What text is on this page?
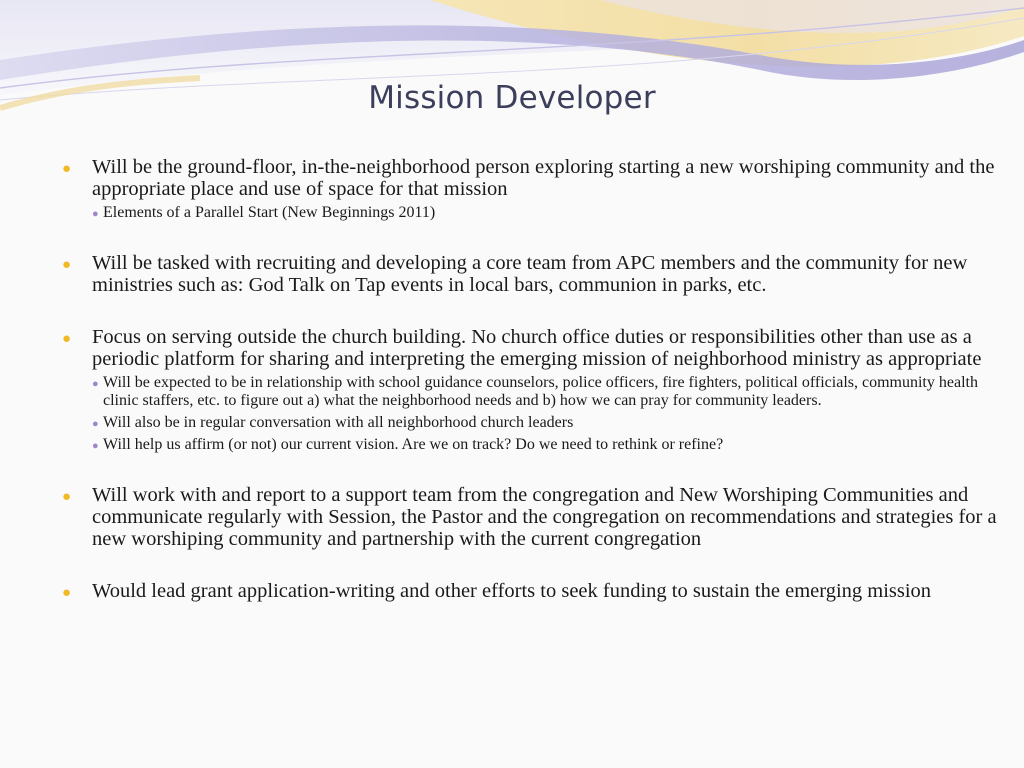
Mission Developer
● Will be the ground-floor, in-the-neighborhood person exploring starting a new worshiping community and the appropriate place and use of space for that mission
● Elements of a Parallel Start (New Beginnings 2011)
● Will be tasked with recruiting and developing a core team from APC members and the community for new ministries such as: God Talk on Tap events in local bars, communion in parks, etc.
● Focus on serving outside the church building. No church office duties or responsibilities other than use as a periodic platform for sharing and interpreting the emerging mission of neighborhood ministry as appropriate
● Will be expected to be in relationship with school guidance counselors, police officers, fire fighters, political officials, community health clinic staffers, etc. to figure out a) what the neighborhood needs and b) how we can pray for community leaders.
● Will also be in regular conversation with all neighborhood church leaders
● Will help us affirm (or not) our current vision. Are we on track? Do we need to rethink or refine?
● Will work with and report to a support team from the congregation and New Worshiping Communities and communicate regularly with Session, the Pastor and the congregation on recommendations and strategies for a new worshiping community and partnership with the current congregation
● Would lead grant application-writing and other efforts to seek funding to sustain the emerging mission
